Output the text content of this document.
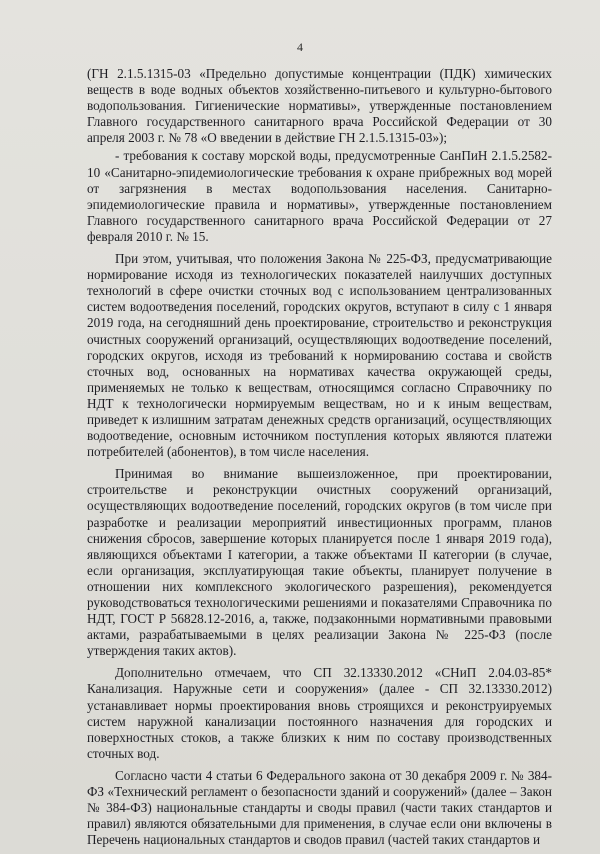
4

(ГН 2.1.5.1315-03 «Предельно допустимые концентрации (ПДК) химических веществ в воде водных объектов хозяйственно-питьевого и культурно-бытового водопользования. Гигиенические нормативы», утвержденные постановлением Главного государственного санитарного врача Российской Федерации от 30 апреля 2003 г. № 78 «О введении в действие ГН 2.1.5.1315-03»);

- требования к составу морской воды, предусмотренные СанПиН 2.1.5.2582-10 «Санитарно-эпидемиологические требования к охране прибрежных вод морей от загрязнения в местах водопользования населения. Санитарно-эпидемиологические правила и нормативы», утвержденные постановлением Главного государственного санитарного врача Российской Федерации от 27 февраля 2010 г. № 15.

При этом, учитывая, что положения Закона № 225-ФЗ, предусматривающие нормирование исходя из технологических показателей наилучших доступных технологий в сфере очистки сточных вод с использованием централизованных систем водоотведения поселений, городских округов, вступают в силу с 1 января 2019 года, на сегодняшний день проектирование, строительство и реконструкция очистных сооружений организаций, осуществляющих водоотведение поселений, городских округов, исходя из требований к нормированию состава и свойств сточных вод, основанных на нормативах качества окружающей среды, применяемых не только к веществам, относящимся согласно Справочнику по НДТ к технологически нормируемым веществам, но и к иным веществам, приведет к излишним затратам денежных средств организаций, осуществляющих водоотведение, основным источником поступления которых являются платежи потребителей (абонентов), в том числе населения.

Принимая во внимание вышеизложенное, при проектировании, строительстве и реконструкции очистных сооружений организаций, осуществляющих водоотведение поселений, городских округов (в том числе при разработке и реализации мероприятий инвестиционных программ, планов снижения сбросов, завершение которых планируется после 1 января 2019 года), являющихся объектами I категории, а также объектами II категории (в случае, если организация, эксплуатирующая такие объекты, планирует получение в отношении них комплексного экологического разрешения), рекомендуется руководствоваться технологическими решениями и показателями Справочника по НДТ, ГОСТ Р 56828.12-2016, а, также, подзаконными нормативными правовыми актами, разрабатываемыми в целях реализации Закона № 225-ФЗ (после утверждения таких актов).

Дополнительно отмечаем, что СП 32.13330.2012 «СНиП 2.04.03-85* Канализация. Наружные сети и сооружения» (далее - СП 32.13330.2012) устанавливает нормы проектирования вновь строящихся и реконструируемых систем наружной канализации постоянного назначения для городских и поверхностных стоков, а также близких к ним по составу производственных сточных вод.

Согласно части 4 статьи 6 Федерального закона от 30 декабря 2009 г. № 384-ФЗ «Технический регламент о безопасности зданий и сооружений» (далее – Закон № 384-ФЗ) национальные стандарты и своды правил (части таких стандартов и правил) являются обязательными для применения, в случае если они включены в Перечень национальных стандартов и сводов правил (частей таких стандартов и
